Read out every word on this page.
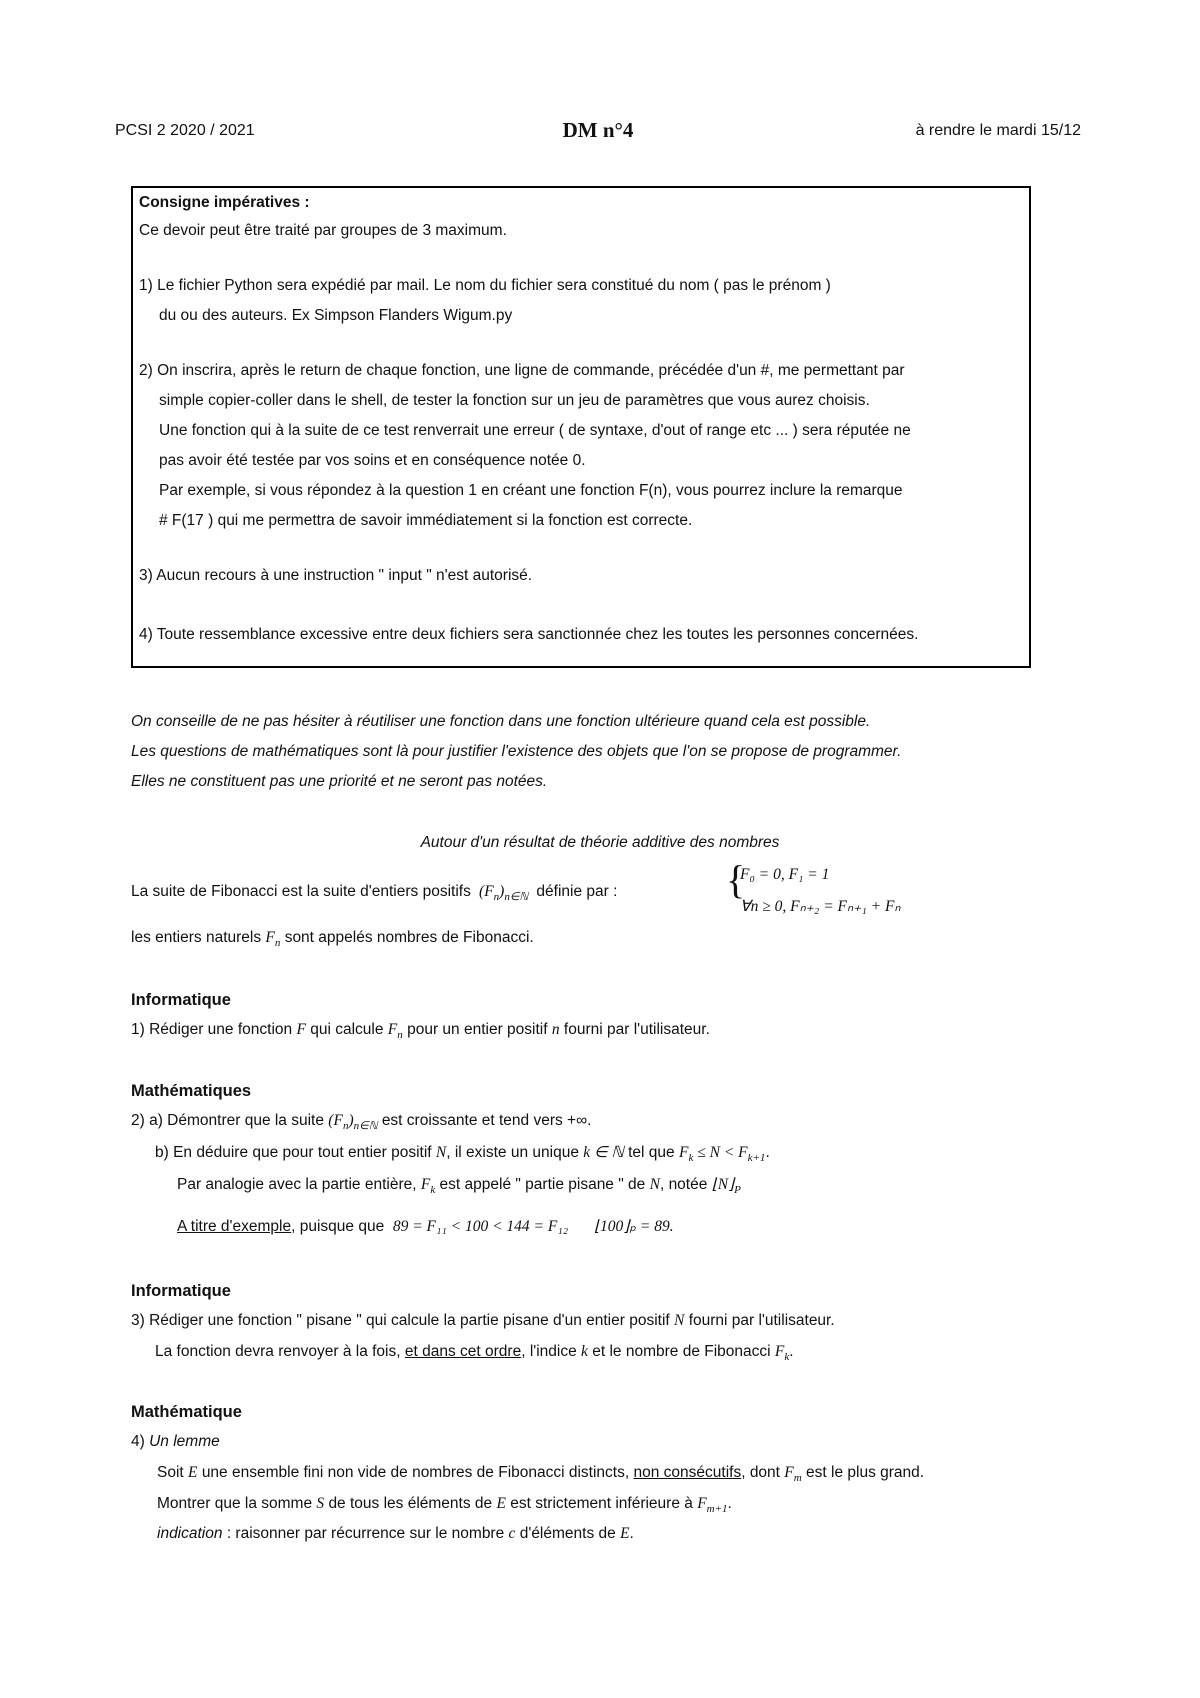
PCSI 2 2020 / 2021	DM n°4	à rendre le mardi 15/12
Consigne impératives :
Ce devoir peut être traité par groupes de 3 maximum.
1) Le fichier Python sera expédié par mail. Le nom du fichier sera constitué du nom ( pas le prénom )
du ou des auteurs. Ex Simpson Flanders Wigum.py
2) On inscrira, après le return de chaque fonction, une ligne de commande, précédée d'un #, me permettant par
simple copier-coller dans le shell, de tester la fonction sur un jeu de paramètres que vous aurez choisis.
Une fonction qui à la suite de ce test renverrait une erreur ( de syntaxe, d'out of range etc ... ) sera réputée ne
pas avoir été testée par vos soins et en conséquence notée 0.
Par exemple, si vous répondez à la question 1 en créant une fonction F(n), vous pourrez inclure la remarque
# F(17 ) qui me permettra de savoir immédiatement si la fonction est correcte.
3) Aucun recours à une instruction " input " n'est autorisé.
4) Toute ressemblance excessive entre deux fichiers sera sanctionnée chez les toutes les personnes concernées.
On conseille de ne pas hésiter à réutiliser une fonction dans une fonction ultérieure quand cela est possible.
Les questions de mathématiques sont là pour justifier l'existence des objets que l'on se propose de programmer.
Elles ne constituent pas une priorité et ne seront pas notées.
Autour d'un résultat de théorie additive des nombres
La suite de Fibonacci est la suite d'entiers positifs  $(F_n)_{n\in ℕ}$ définie par :	{
F₀ = 0, F₁ = 1
∀n ≥ 0, Fₙ₊₂ = Fₙ₊₁ + Fₙ
les entiers naturels $F_n$ sont appelés nombres de Fibonacci.
Informatique
1) Rédiger une fonction F qui calcule $F_n$ pour un entier positif n fourni par l'utilisateur.
Mathématiques
2) a) Démontrer que la suite $(F_n)_{n\in ℕ}$ est croissante et tend vers +∞.
b) En déduire que pour tout entier positif N, il existe un unique k ∈ ℕ tel que $F_k \le N < F_{k+1}$.
Par analogie avec la partie entière, $F_k$ est appelé " partie pisane " de N, notée $⌊N⌋_P$
A titre d'exemple, puisque que 89 = F₁₁ < 100 < 144 = F₁₂ ⌊100⌋ₚ = 89.
Informatique
3) Rédiger une fonction " pisane " qui calcule la partie pisane d'un entier positif N fourni par l'utilisateur.
La fonction devra renvoyer à la fois, et dans cet ordre, l'indice k et le nombre de Fibonacci $F_k$.
Mathématique
4) Un lemme
Soit E une ensemble fini non vide de nombres de Fibonacci distincts, non consécutifs, dont $F_m$ est le plus grand.
Montrer que la somme S de tous les éléments de E est strictement inférieure à $F_{m+1}$.
indication : raisonner par récurrence sur le nombre c d'éléments de E.
